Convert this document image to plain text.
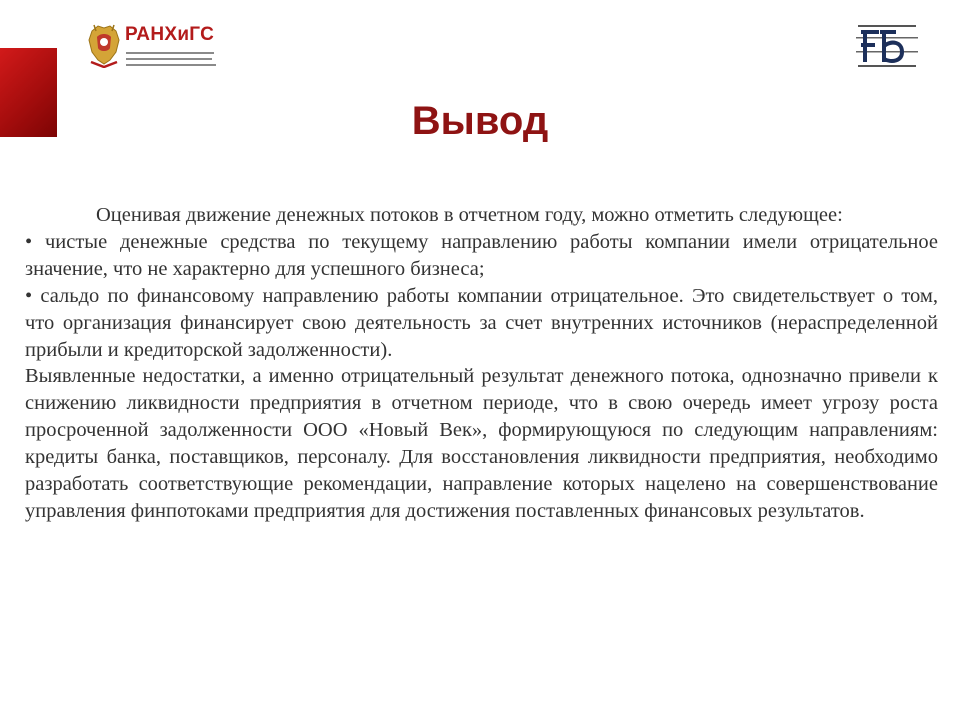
РАНХиГС
Вывод

Оценивая движение денежных потоков в отчетном году, можно отметить следующее:

• чистые денежные средства по текущему направлению работы компании имели отрицательное значение, что не характерно для успешного бизнеса;

• сальдо по финансовому направлению работы компании отрицательное. Это свидетельствует о том, что организация финансирует свою деятельность за счет внутренних источников (нераспределенной прибыли и кредиторской задолженности).

Выявленные недостатки, а именно отрицательный результат денежного потока, однозначно привели к снижению ликвидности предприятия в отчетном периоде, что в свою очередь имеет угрозу роста просроченной задолженности ООО «Новый Век», формирующуюся по следующим направлениям: кредиты банка, поставщиков, персоналу. Для восстановления ликвидности предприятия, необходимо разработать соответствующие рекомендации, направление которых нацелено на совершенствование управления финпотоками предприятия для достижения поставленных финансовых результатов.
